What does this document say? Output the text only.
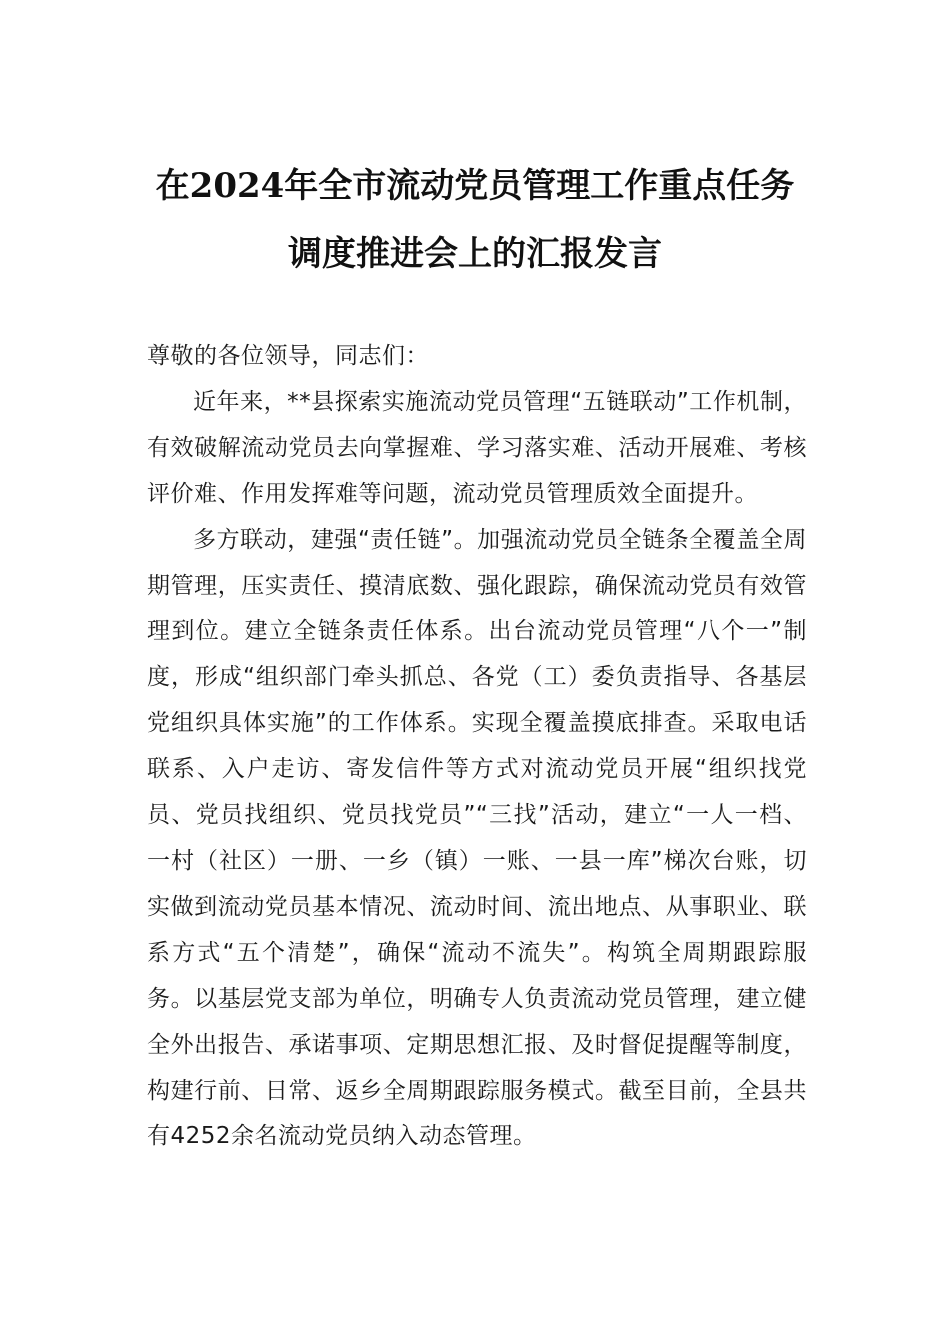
在2024年全市流动党员管理工作重点任务
调度推进会上的汇报发言

尊敬的各位领导，同志们：

近年来，**县探索实施流动党员管理“五链联动”工作机制，有效破解流动党员去向掌握难、学习落实难、活动开展难、考核评价难、作用发挥难等问题，流动党员管理质效全面提升。

多方联动，建强“责任链”。加强流动党员全链条全覆盖全周期管理，压实责任、摸清底数、强化跟踪，确保流动党员有效管理到位。建立全链条责任体系。出台流动党员管理“八个一”制度，形成“组织部门牵头抓总、各党（工）委负责指导、各基层党组织具体实施”的工作体系。实现全覆盖摸底排查。采取电话联系、入户走访、寄发信件等方式对流动党员开展“组织找党员、党员找组织、党员找党员”“三找”活动，建立“一人一档、一村（社区）一册、一乡（镇）一账、一县一库”梯次台账，切实做到流动党员基本情况、流动时间、流出地点、从事职业、联系方式“五个清楚”，确保“流动不流失”。构筑全周期跟踪服务。以基层党支部为单位，明确专人负责流动党员管理，建立健全外出报告、承诺事项、定期思想汇报、及时督促提醒等制度，构建行前、日常、返乡全周期跟踪服务模式。截至目前，全县共有4252余名流动党员纳入动态管理。
